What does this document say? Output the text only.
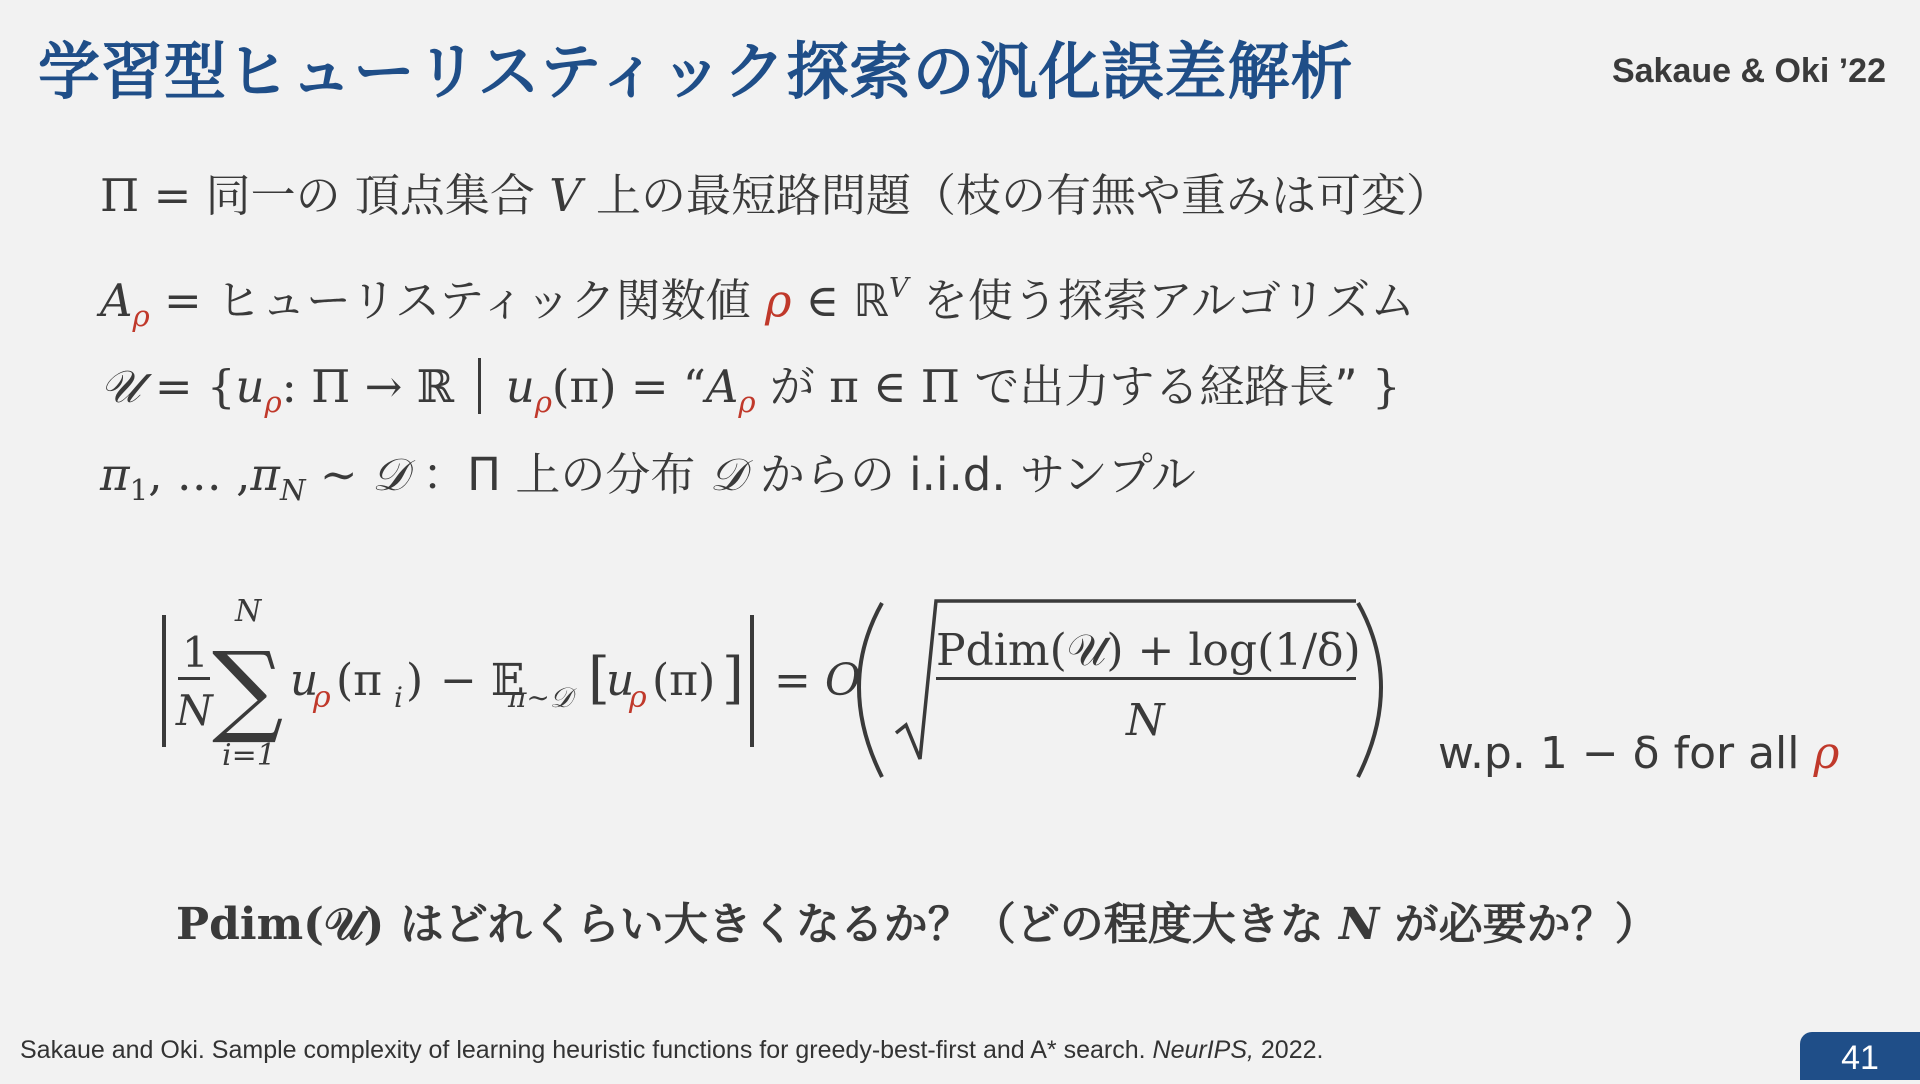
学習型ヒューリスティック探索の汎化誤差解析	Sakaue & Oki ’22
Π = 同一の 頂点集合 V 上の最短路問題（枝の有無や重みは可変）
$A_\rho$ = ヒューリスティック関数値 ρ ∈ ℝ$^V$ を使う探索アルゴリズム
𝒰 = {$u_\rho$: Π → ℝ $u_\rho(\pi)$ = “$A_\rho$ が π ∈ Π で出力する経路長” }
$\pi_1$, … $,\pi_N$ ∼ 𝒟 ：Π 上の分布 𝒟 からの i.i.d. サンプル
1
N
N
∑
i=1
u
ρ (π i ) − 𝔼
π∼𝒟 [
u
ρ (π) ] = O
Pdim(𝒰) + log(1/δ)
N
w.p. 1 − δ for all ρ
Pdim(𝒰) はどれくらい大きくなるか？（どの程度大きな N が必要か？）
Sakaue and Oki. Sample complexity of learning heuristic functions for greedy-best-first and A* search. NeurIPS, 2022.	41
